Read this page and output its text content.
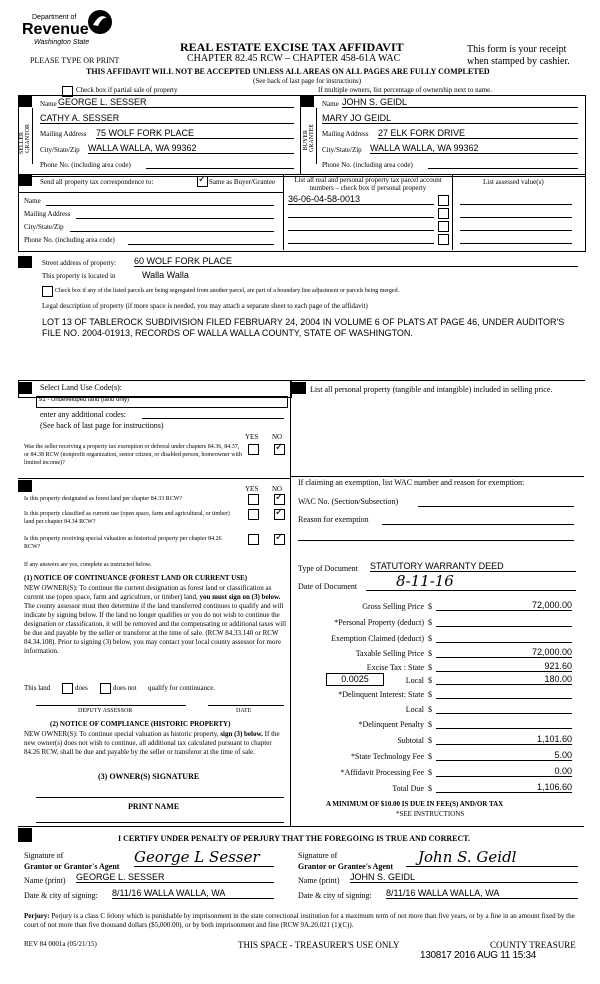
Department of
Revenue
Washington State	REAL ESTATE EXCISE TAX AFFIDAVIT
CHAPTER 82.45 RCW – CHAPTER 458-61A WAC
This form is your receipt
when stamped by cashier.
PLEASE TYPE OR PRINT
THIS AFFIDAVIT WILL NOT BE ACCEPTED UNLESS ALL AREAS ON ALL PAGES ARE FULLY COMPLETED
(See back of last page for instructions)
Check box if partial sale of property	If multiple owners, list percentage of ownership next to name.
SELLER GRANTOR
Name GEORGE L. SESSER
CATHY A. SESSER
Mailing Address 75 WOLF FORK PLACE
City/State/Zip WALLA WALLA, WA 99362
Phone No. (including area code)
BUYER GRANTEE
Name JOHN S. GEIDL
MARY JO GEIDL
Mailing Address 27 ELK FORK DRIVE
City/State/Zip WALLA WALLA, WA 99362
Phone No. (including area code)
Send all property tax correspondence to:
✓	Same as Buyer/Grantee
Name
Mailing Address
City/State/Zip
Phone No. (including area code)
List all real and personal property tax parcel account numbers – check box if personal property
List assessed value(s)
36-06-04-58-0013
Street address of property: 60 WOLF FORK PLACE
This property is located in	Walla Walla
Check box if any of the listed parcels are being segregated from another parcel, are part of a boundary line adjustment or parcels being merged.
Legal description of property (if more space is needed, you may attach a separate sheet to each page of the affidavit)
LOT 13 OF TABLEROCK SUBDIVISION FILED FEBRUARY 24, 2004 IN VOLUME 6 OF PLATS AT PAGE 46, UNDER AUDITOR'S
FILE NO. 2004-01913, RECORDS OF WALLA WALLA COUNTY, STATE OF WASHINGTON.
Select Land Use Code(s):
91 - Undeveloped land (land only)
enter any additional codes:
(See back of last page for instructions)
YES NO
Was the seller receiving a property tax exemption or deferral under chapters 84.36, 84.37, or 84.38 RCW (nonprofit organization, senior citizen, or disabled person, homeowner with limited income)?
✓
YES NO
Is this property designated as forest land per chapter 84.33 RCW?
✓
Is this property classified as current use (open space, farm and agricultural, or timber) land per chapter 84.34 RCW?
✓
Is this property receiving special valuation as historical property per chapter 84.26 RCW?
✓
If any answers are yes, complete as instructed below.
(1) NOTICE OF CONTINUANCE (FOREST LAND OR CURRENT USE)
NEW OWNER(S): To continue the current designation as forest land or classification as current use (open space, farm and agriculture, or timber) land, you must sign on (3) below. The county assessor must then determine if the land transferred continues to qualify and will indicate by signing below. If the land no longer qualifies or you do not wish to continue the designation or classification, it will be removed and the compensating or additional taxes will be due and payable by the seller or transferor at the time of sale. (RCW 84.33.140 or RCW 84.34.108). Prior to signing (3) below, you may contact your local county assessor for more information.
This land	does	does not qualify for continuance.
DEPUTY ASSESSOR	DATE
(2) NOTICE OF COMPLIANCE (HISTORIC PROPERTY)
NEW OWNER(S): To continue special valuation as historic property, sign (3) below. If the new owner(s) does not wish to continue, all additional tax calculated pursuant to chapter 84.26 RCW, shall be due and payable by the seller or transferor at the time of sale.
(3) OWNER(S) SIGNATURE
PRINT NAME
List all personal property (tangible and intangible) included in selling price.
If claiming an exemption, list WAC number and reason for exemption:
WAC No. (Section/Subsection)
Reason for exemption
Type of Document STATUTORY WARRANTY DEED
Date of Document	8-11-16
Gross Selling Price $	72,000.00
*Personal Property (deduct) $
Exemption Claimed (deduct) $
Taxable Selling Price $	72,000.00
Excise Tax : State $	921.60
0.0025	Local $	180.00
*Delinquent Interest: State $
Local $
*Delinquent Penalty $
Subtotal $	1,101.60
*State Technology Fee $	5.00
*Affidavit Processing Fee $	0.00
Total Due $	1,106.60
A MINIMUM OF $10.00 IS DUE IN FEE(S) AND/OR TAX
*SEE INSTRUCTIONS
I CERTIFY UNDER PENALTY OF PERJURY THAT THE FOREGOING IS TRUE AND CORRECT.
Signature of
Grantor or Grantor's Agent
George L Sesser
Name (print) GEORGE L. SESSER
Date & city of signing: 8/11/16 WALLA WALLA, WA
Signature of
Grantor or Grantee's Agent
John S. Geidl
Name (print) JOHN S. GEIDL
Date & city of signing: 8/11/16 WALLA WALLA, WA
Perjury: Perjury is a class C felony which is punishable by imprisonment in the state correctional institution for a maximum term of not more than five years, or by a fine in an amount fixed by the court of not more than five thousand dollars ($5,000.00), or by both imprisonment and fine (RCW 9A.20.021 (1)(C)).
REV 84 0001a (05/21/15)	THIS SPACE - TREASURER'S USE ONLY	COUNTY TREASURE
130817 2016 AUG 11 15:34
